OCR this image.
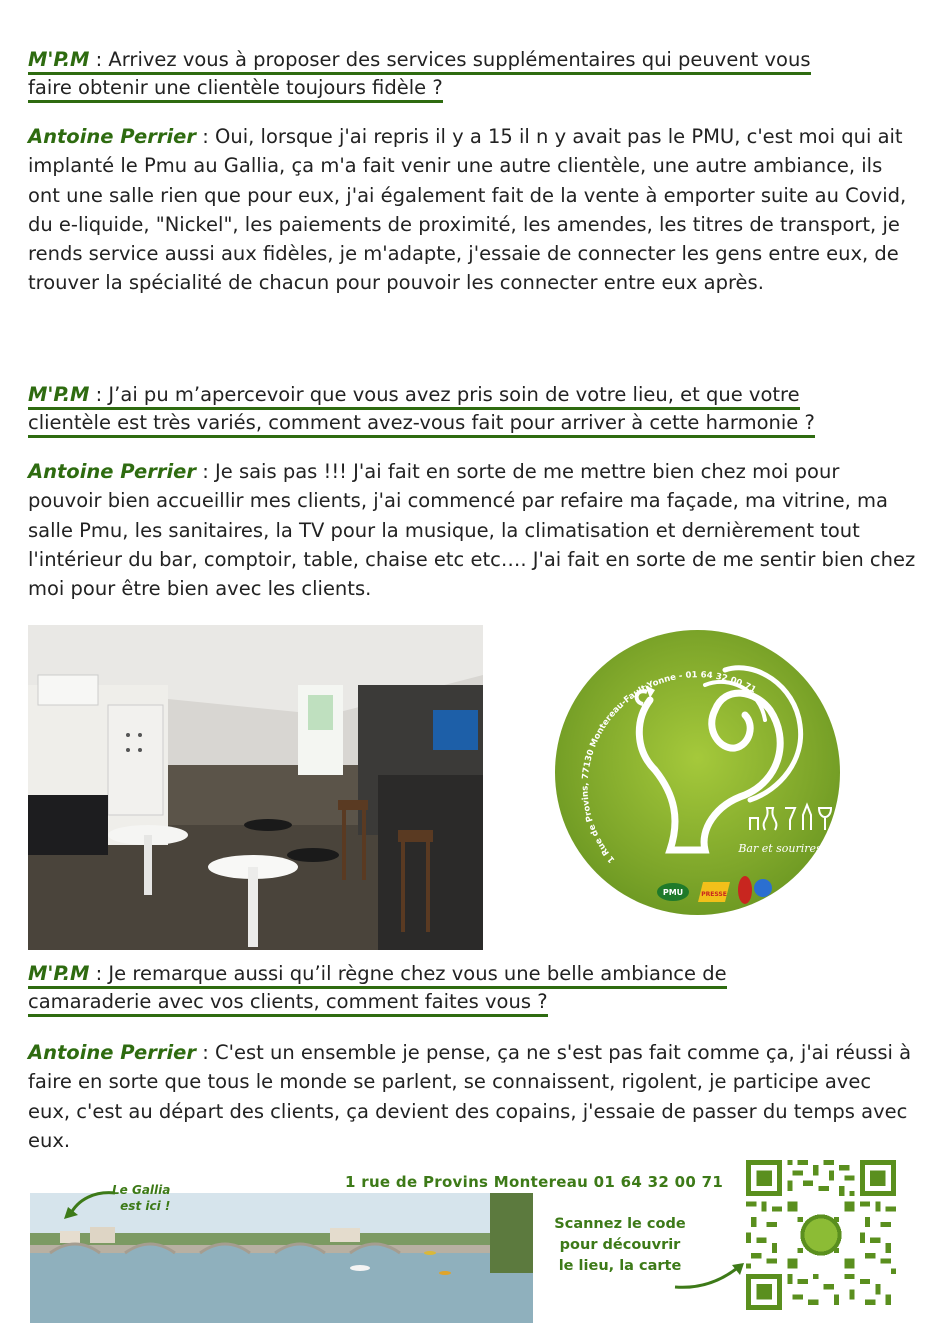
M'P.M : Arrivez vous à proposer des services supplémentaires qui peuvent vous
faire obtenir une clientèle toujours fidèle ?
Antoine Perrier : Oui, lorsque j'ai repris il y a 15 il n y avait pas le PMU, c'est moi qui ait implanté le Pmu au Gallia, ça m'a fait venir une autre clientèle, une autre ambiance, ils ont une salle rien que pour eux, j'ai également fait de la vente à emporter suite au Covid, du e-liquide, "Nickel", les paiements de proximité, les amendes, les titres de transport, je rends service aussi aux fidèles, je m'adapte, j'essaie de connecter les gens entre eux, de trouver la spécialité de chacun pour pouvoir les connecter entre eux après.
M'P.M : J’ai pu m’apercevoir que vous avez pris soin de votre lieu, et que votre
clientèle est très variés, comment avez-vous fait pour arriver à cette harmonie ?
Antoine Perrier : Je sais pas !!! J'ai fait en sorte de me mettre bien chez moi pour pouvoir bien accueillir mes clients, j'ai commencé par refaire ma façade, ma vitrine, ma salle Pmu, les sanitaires, la TV pour la musique, la climatisation et dernièrement tout l'intérieur du bar, comptoir, table, chaise etc etc…. J'ai fait en sorte de me sentir bien chez moi pour être bien avec les clients.
Bar et sourires
1 Rue de Provins, 77130 Montereau-Fault-Yonne - 01 64 32 00 71
PMU	PRESSE
M'P.M : Je remarque aussi qu’il règne chez vous une belle ambiance de
camaraderie avec vos clients, comment faites vous ?
Antoine Perrier : C'est un ensemble je pense, ça ne s'est pas fait comme ça, j'ai réussi à faire en sorte que tous le monde se parlent, se connaissent, rigolent, je participe avec eux, c'est au départ des clients, ça devient des copains, j'essaie de passer du temps avec eux.
Le Gallia
est ici !
1 rue de Provins Montereau 01 64 32 00 71
Scannez le code
pour découvrir
le lieu, la carte
